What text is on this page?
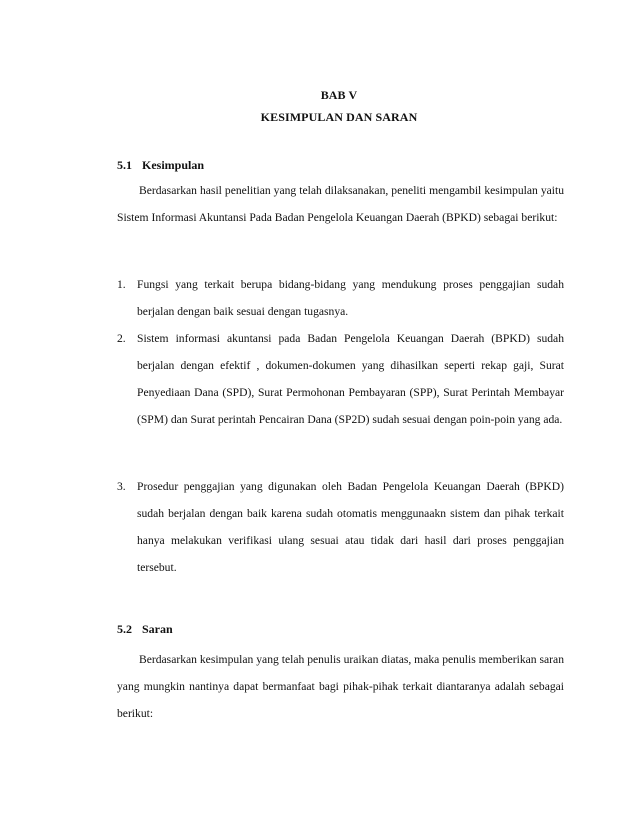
BAB V
KESIMPULAN DAN SARAN
5.1 Kesimpulan

Berdasarkan hasil penelitian yang telah dilaksanakan, peneliti mengambil kesimpulan yaitu Sistem Informasi Akuntansi Pada Badan Pengelola Keuangan Daerah (BPKD) sebagai berikut:

1. Fungsi yang terkait berupa bidang-bidang yang mendukung proses penggajian sudah berjalan dengan baik sesuai dengan tugasnya.
2. Sistem informasi akuntansi pada Badan Pengelola Keuangan Daerah (BPKD) sudah berjalan dengan efektif , dokumen-dokumen yang dihasilkan seperti rekap gaji, Surat Penyediaan Dana (SPD), Surat Permohonan Pembayaran (SPP), Surat Perintah Membayar (SPM) dan Surat perintah Pencairan Dana (SP2D) sudah sesuai dengan poin-poin yang ada.
3. Prosedur penggajian yang digunakan oleh Badan Pengelola Keuangan Daerah (BPKD) sudah berjalan dengan baik karena sudah otomatis menggunaakn sistem dan pihak terkait hanya melakukan verifikasi ulang sesuai atau tidak dari hasil dari proses penggajian tersebut.
5.2 Saran

Berdasarkan kesimpulan yang telah penulis uraikan diatas, maka penulis memberikan saran yang mungkin nantinya dapat bermanfaat bagi pihak-pihak terkait diantaranya adalah sebagai berikut:
